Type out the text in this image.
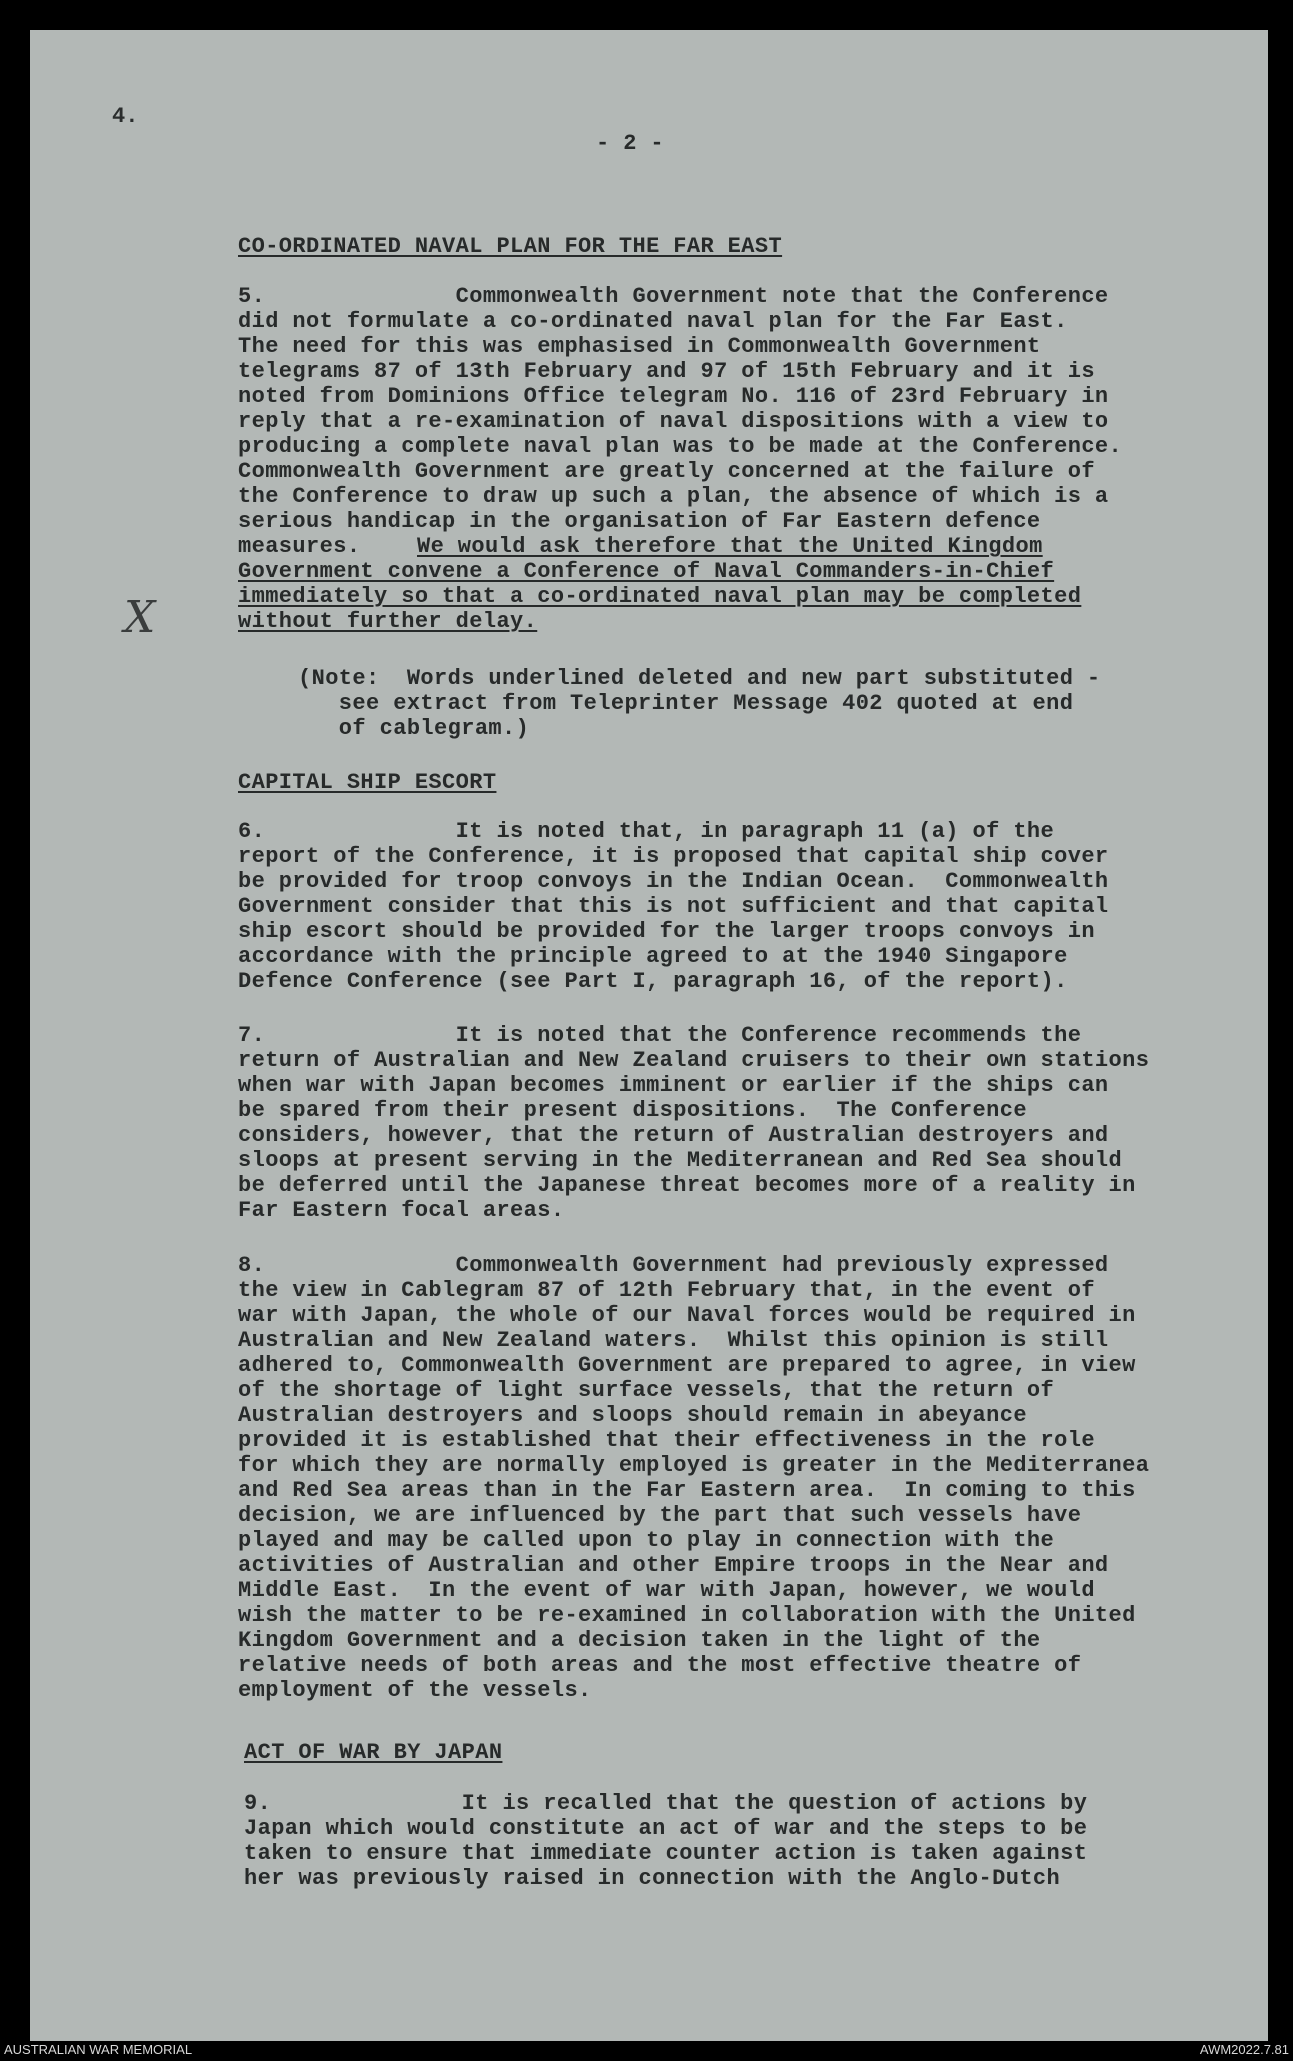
4.
- 2 -
CO-ORDINATED NAVAL PLAN FOR THE FAR EAST
5.              Commonwealth Government note that the Conference
did not formulate a co-ordinated naval plan for the Far East.
The need for this was emphasised in Commonwealth Government
telegrams 87 of 13th February and 97 of 15th February and it is
noted from Dominions Office telegram No. 116 of 23rd February in
reply that a re-examination of naval dispositions with a view to
producing a complete naval plan was to be made at the Conference.
Commonwealth Government are greatly concerned at the failure of
the Conference to draw up such a plan, the absence of which is a
serious handicap in the organisation of Far Eastern defence
measures. We would ask therefore that the United Kingdom
Government convene a Conference of Naval Commanders-in-Chief
immediately so that a co-ordinated naval plan may be completed
without further delay.
X
(Note:  Words underlined deleted and new part substituted -
see extract from Teleprinter Message 402 quoted at end
of cablegram.)
CAPITAL SHIP ESCORT
6.              It is noted that, in paragraph 11 (a) of the
report of the Conference, it is proposed that capital ship cover
be provided for troop convoys in the Indian Ocean.  Commonwealth
Government consider that this is not sufficient and that capital
ship escort should be provided for the larger troops convoys in
accordance with the principle agreed to at the 1940 Singapore
Defence Conference (see Part I, paragraph 16, of the report).
7.              It is noted that the Conference recommends the
return of Australian and New Zealand cruisers to their own stations
when war with Japan becomes imminent or earlier if the ships can
be spared from their present dispositions.  The Conference
considers, however, that the return of Australian destroyers and
sloops at present serving in the Mediterranean and Red Sea should
be deferred until the Japanese threat becomes more of a reality in
Far Eastern focal areas.
8.              Commonwealth Government had previously expressed
the view in Cablegram 87 of 12th February that, in the event of
war with Japan, the whole of our Naval forces would be required in
Australian and New Zealand waters.  Whilst this opinion is still
adhered to, Commonwealth Government are prepared to agree, in view
of the shortage of light surface vessels, that the return of
Australian destroyers and sloops should remain in abeyance
provided it is established that their effectiveness in the role
for which they are normally employed is greater in the Mediterranea
and Red Sea areas than in the Far Eastern area.  In coming to this
decision, we are influenced by the part that such vessels have
played and may be called upon to play in connection with the
activities of Australian and other Empire troops in the Near and
Middle East.  In the event of war with Japan, however, we would
wish the matter to be re-examined in collaboration with the United
Kingdom Government and a decision taken in the light of the
relative needs of both areas and the most effective theatre of
employment of the vessels.
ACT OF WAR BY JAPAN
9.              It is recalled that the question of actions by
Japan which would constitute an act of war and the steps to be
taken to ensure that immediate counter action is taken against
her was previously raised in connection with the Anglo-Dutch
AUSTRALIAN WAR MEMORIAL	AWM2022.7.81
